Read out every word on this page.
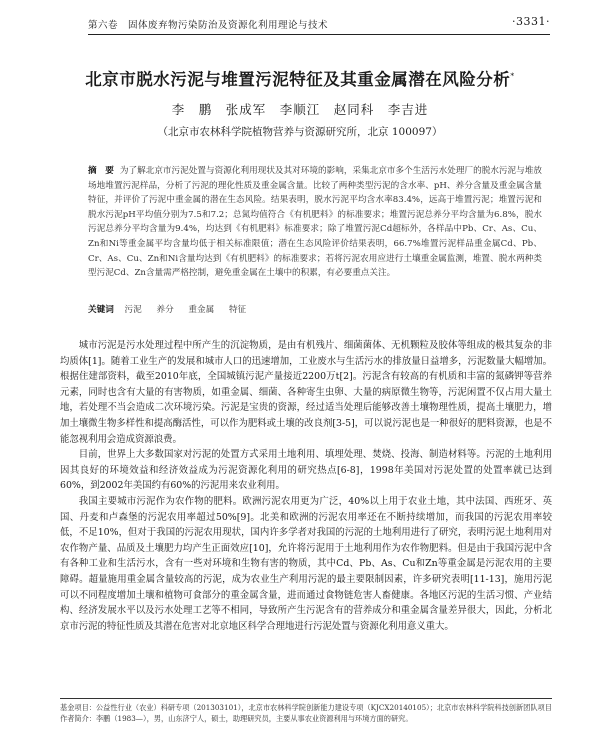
第六卷　固体废弃物污染防治及资源化利用理论与技术	·3331·
北京市脱水污泥与堆置污泥特征及其重金属潜在风险分析*
李　鹏　张成军　李顺江　赵同科　李吉进
（北京市农林科学院植物营养与资源研究所，北京 100097）
摘　要 为了解北京市污泥处置与资源化利用现状及其对环境的影响，采集北京市多个生活污水处理厂的脱水污泥与堆放场地堆置污泥样品，分析了污泥的理化性质及重金属含量。比较了两种类型污泥的含水率、pH、养分含量及重金属含量特征，并评价了污泥中重金属的潜在生态风险。结果表明，脱水污泥平均含水率83.4%，远高于堆置污泥；堆置污泥和脱水污泥pH平均值分别为7.5和7.2；总氮均值符合《有机肥料》的标准要求；堆置污泥总养分平均含量为6.8%，脱水污泥总养分平均含量为9.4%，均达到《有机肥料》标准要求；除了堆置污泥Cd超标外，各样品中Pb、Cr、As、Cu、Zn和Ni等重金属平均含量均低于相关标准限值；潜在生态风险评价结果表明，66.7%堆置污泥样品重金属Cd、Pb、Cr、As、Cu、Zn和Ni含量均达到《有机肥料》的标准要求；若将污泥农用应进行土壤重金属监测，堆置、脱水两种类型污泥Cd、Zn含量需严格控制，避免重金属在土壤中的积累，有必要重点关注。
关键词 污泥 养分 重金属 特征

城市污泥是污水处理过程中所产生的沉淀物质，是由有机残片、细菌菌体、无机颗粒及胶体等组成的极其复杂的非均质体[1]。随着工业生产的发展和城市人口的迅速增加，工业废水与生活污水的排放量日益增多，污泥数量大幅增加。根据住建部资料，截至2010年底，全国城镇污泥产量接近2200万t[2]。污泥含有较高的有机质和丰富的氮磷钾等营养元素，同时也含有大量的有害物质，如重金属、细菌、各种寄生虫卵、大量的病原微生物等，污泥闲置不仅占用大量土地，若处理不当会造成二次环境污染。污泥是宝贵的资源，经过适当处理后能够改善土壤物理性质，提高土壤肥力，增加土壤微生物多样性和提高酶活性，可以作为肥料或土壤的改良剂[3-5]，可以说污泥也是一种很好的肥料资源，也是不能忽视利用会造成资源浪费。

目前，世界上大多数国家对污泥的处置方式采用土地利用、填埋处理、焚烧、投海、制造材料等。污泥的土地利用因其良好的环境效益和经济效益成为污泥资源化利用的研究热点[6-8]，1998年美国对污泥处置的处置率就已达到60%，到2002年美国约有60%的污泥用来农业利用。

我国主要城市污泥作为农作物的肥料。欧洲污泥农用更为广泛，40%以上用于农业土地，其中法国、西班牙、英国、丹麦和卢森堡的污泥农用率超过50%[9]。北美和欧洲的污泥农用率还在不断持续增加，而我国的污泥农用率较低，不足10%，但对于我国的污泥农用现状，国内许多学者对我国的污泥的土地利用进行了研究，表明污泥土地利用对农作物产量、品质及土壤肥力均产生正面效应[10]，允许将污泥用于土地利用作为农作物肥料。但是由于我国污泥中含有各种工业和生活污水，含有一些对环境和生物有害的物质，其中Cd、Pb、As、Cu和Zn等重金属是污泥农用的主要障碍。超量施用重金属含量较高的污泥，成为农业生产利用污泥的最主要限制因素，许多研究表明[11-13]，施用污泥可以不同程度增加土壤和植物可食部分的重金属含量，进而通过食物链危害人畜健康。各地区污泥的生活习惯、产业结构、经济发展水平以及污水处理工艺等不相同，导致所产生污泥含有的营养成分和重金属含量差异很大，因此，分析北京市污泥的特征性质及其潜在危害对北京地区科学合理地进行污泥处置与资源化利用意义重大。

基金项目：公益性行业（农业）科研专项（201303101），北京市农林科学院创新能力建设专项（KJCX20140105）；北京市农林科学院科技创新团队项目
作者简介：李鹏（1983—），男，山东济宁人，硕士，助理研究员，主要从事农业资源利用与环境方面的研究。
